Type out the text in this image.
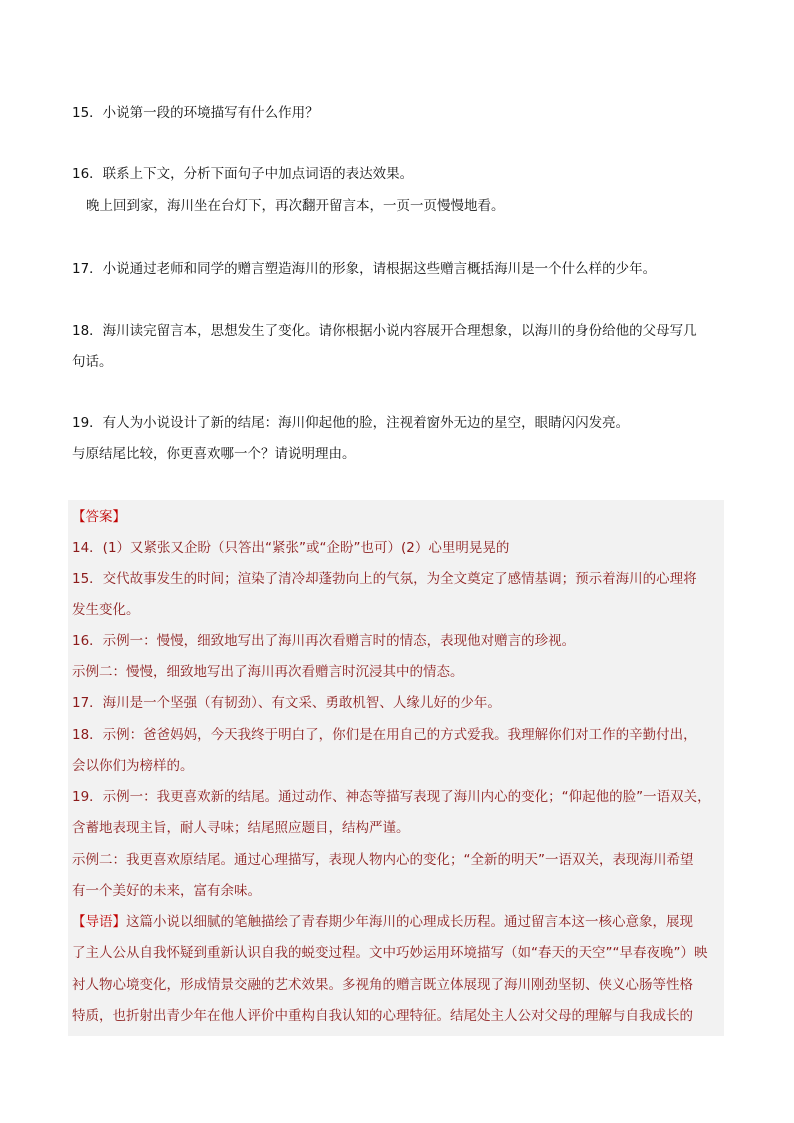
15．小说第一段的环境描写有什么作用？
16．联系上下文，分析下面句子中加点词语的表达效果。
晚上回到家，海川坐在台灯下，再次翻开留言本，一页一页慢慢地看。
17．小说通过老师和同学的赠言塑造海川的形象，请根据这些赠言概括海川是一个什么样的少年。
18．海川读完留言本，思想发生了变化。请你根据小说内容展开合理想象，以海川的身份给他的父母写几
句话。
19．有人为小说设计了新的结尾：海川仰起他的脸，注视着窗外无边的星空，眼睛闪闪发亮。
与原结尾比较，你更喜欢哪一个？请说明理由。
【答案】
14．(1）又紧张又企盼（只答出“紧张”或“企盼”也可）(2）心里明晃晃的
15．交代故事发生的时间；渲染了清冷却蓬勃向上的气氛，为全文奠定了感情基调；预示着海川的心理将
发生变化。
16．示例一：慢慢，细致地写出了海川再次看赠言时的情态，表现他对赠言的珍视。
示例二：慢慢，细致地写出了海川再次看赠言时沉浸其中的情态。
17．海川是一个坚强（有韧劲）、有文采、勇敢机智、人缘儿好的少年。
18．示例：爸爸妈妈，今天我终于明白了，你们是在用自己的方式爱我。我理解你们对工作的辛勤付出，
会以你们为榜样的。
19．示例一：我更喜欢新的结尾。通过动作、神态等描写表现了海川内心的变化；“仰起他的脸”一语双关，
含蓄地表现主旨，耐人寻味；结尾照应题目，结构严谨。
示例二：我更喜欢原结尾。通过心理描写，表现人物内心的变化；“全新的明天”一语双关，表现海川希望
有一个美好的未来，富有余味。
【导语】这篇小说以细腻的笔触描绘了青春期少年海川的心理成长历程。通过留言本这一核心意象，展现
了主人公从自我怀疑到重新认识自我的蜕变过程。文中巧妙运用环境描写（如“春天的天空”“早春夜晚”）映
衬人物心境变化，形成情景交融的艺术效果。多视角的赠言既立体展现了海川刚劲坚韧、侠义心肠等性格
特质，也折射出青少年在他人评价中重构自我认知的心理特征。结尾处主人公对父母的理解与自我成长的
